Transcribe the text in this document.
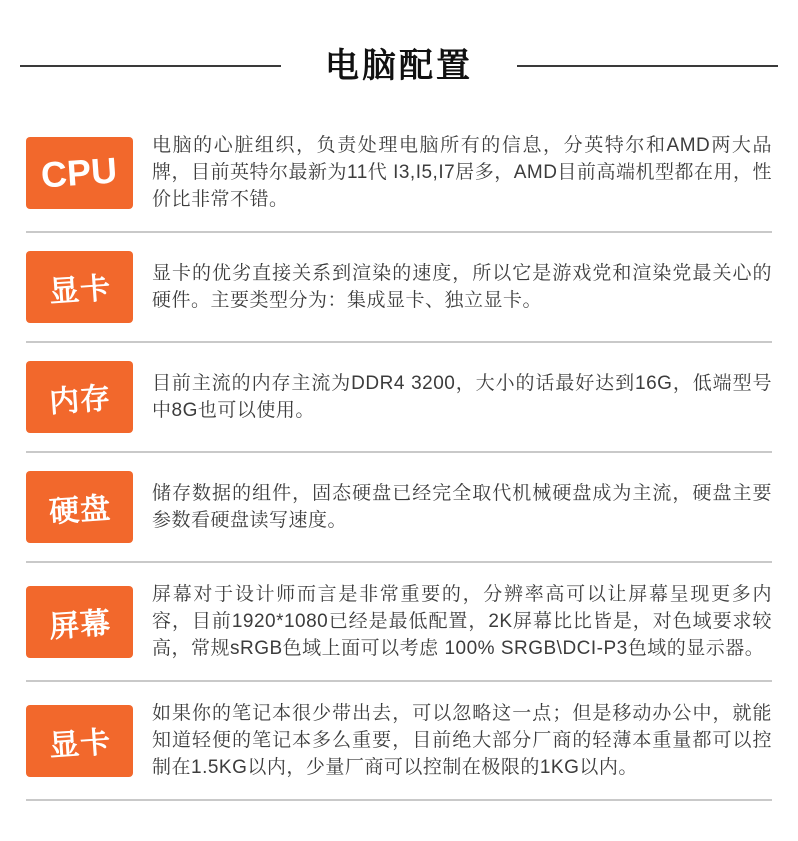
电脑配置
CPU

电脑的心脏组织，负责处理电脑所有的信息，分英特尔和AMD两大品牌，目前英特尔最新为11代 I3,I5,I7居多，AMD目前高端机型都在用，性价比非常不错。

显卡 显卡的优劣直接关系到渲染的速度，所以它是游戏党和渲染党最关心的硬件。主要类型分为：集成显卡、独立显卡。

内存 目前主流的内存主流为DDR4 3200，大小的话最好达到16G，低端型号中8G也可以使用。

硬盘 储存数据的组件，固态硬盘已经完全取代机械硬盘成为主流，硬盘主要参数看硬盘读写速度。

屏幕

屏幕对于设计师而言是非常重要的，分辨率高可以让屏幕呈现更多内容，目前1920*1080已经是最低配置，2K屏幕比比皆是，对色域要求较高，常规sRGB色域上面可以考虑 100% SRGB\DCI-P3色域的显示器。

显卡

如果你的笔记本很少带出去，可以忽略这一点；但是移动办公中，就能知道轻便的笔记本多么重要，目前绝大部分厂商的轻薄本重量都可以控制在1.5KG以内，少量厂商可以控制在极限的1KG以内。
